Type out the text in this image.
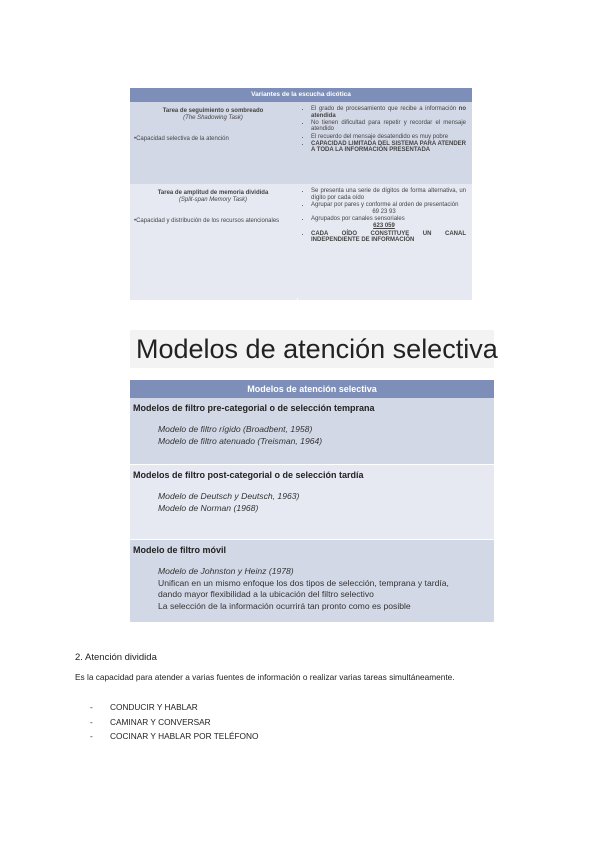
Variantes de la escucha dicótica
Tarea de seguimiento o sombreado
(The Shadowing Task)
•Capacidad selectiva de la atención
• El grado de procesamiento que recibe a información no atendida
• No tienen dificultad para repetir y recordar el mensaje atendido
• El recuerdo del mensaje desatendido es muy pobre
• CAPACIDAD LIMITADA DEL SISTEMA PARA ATENDER A TODA LA INFORMACIÓN PRESENTADA
Tarea de amplitud de memoria dividida
(Split-span Memory Task)
•Capacidad y distribución de los recursos atencionales
• Se presenta una serie de dígitos de forma alternativa, un dígito por cada oído
• Agrupar por pares y conforme al orden de presentación
69 23 93
• Agrupados por canales sensoriales
623 059
• CADA OÍDO CONSTITUYE UN CANAL INDEPENDIENTE DE INFORMACIÓN
Modelos de atención selectiva
Modelos de atención selectiva
Modelos de filtro pre-categorial o de selección temprana
Modelo de filtro rígido (Broadbent, 1958)
Modelo de filtro atenuado (Treisman, 1964)
Modelos de filtro post-categorial o de selección tardía
Modelo de Deutsch y Deutsch, 1963)
Modelo de Norman (1968)
Modelo de filtro móvil
Modelo de Johnston y Heinz (1978)
Unifican en un mismo enfoque los dos tipos de selección, temprana y tardía,
dando mayor flexibilidad a la ubicación del filtro selectivo
La selección de la información ocurrirá tan pronto como es posible
2. Atención dividida
Es la capacidad para atender a varias fuentes de información o realizar varias tareas simultáneamente.
- CONDUCIR Y HABLAR
- CAMINAR Y CONVERSAR
- COCINAR Y HABLAR POR TELÉFONO
